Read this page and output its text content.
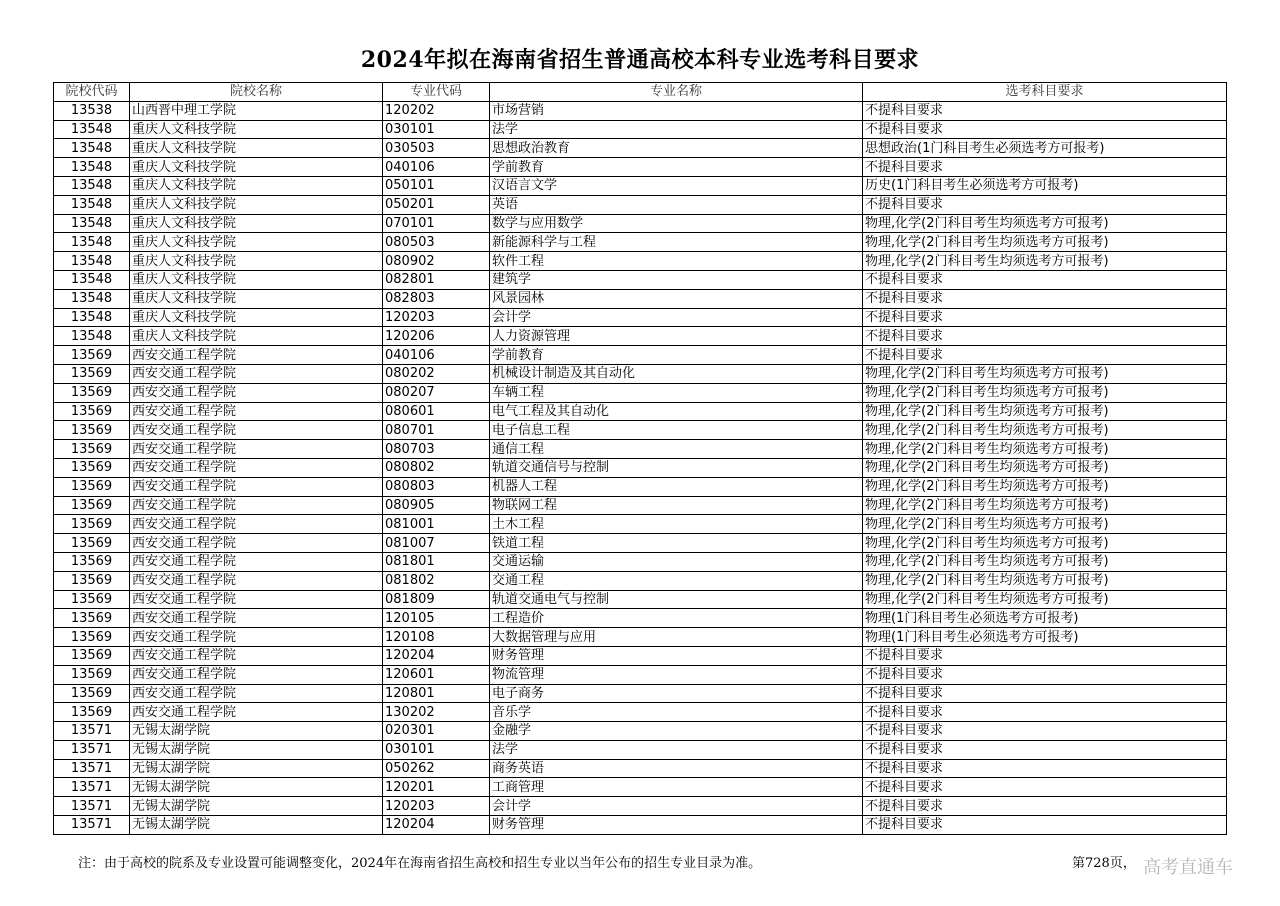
2024年拟在海南省招生普通高校本科专业选考科目要求
院校代码	院校名称	专业代码	专业名称	选考科目要求
13538	山西晋中理工学院	120202	市场营销	不提科目要求
13548	重庆人文科技学院	030101	法学	不提科目要求
13548	重庆人文科技学院	030503	思想政治教育	思想政治(1门科目考生必须选考方可报考)
13548	重庆人文科技学院	040106	学前教育	不提科目要求
13548	重庆人文科技学院	050101	汉语言文学	历史(1门科目考生必须选考方可报考)
13548	重庆人文科技学院	050201	英语	不提科目要求
13548	重庆人文科技学院	070101	数学与应用数学	物理,化学(2门科目考生均须选考方可报考)
13548	重庆人文科技学院	080503	新能源科学与工程	物理,化学(2门科目考生均须选考方可报考)
13548	重庆人文科技学院	080902	软件工程	物理,化学(2门科目考生均须选考方可报考)
13548	重庆人文科技学院	082801	建筑学	不提科目要求
13548	重庆人文科技学院	082803	风景园林	不提科目要求
13548	重庆人文科技学院	120203	会计学	不提科目要求
13548	重庆人文科技学院	120206	人力资源管理	不提科目要求
13569	西安交通工程学院	040106	学前教育	不提科目要求
13569	西安交通工程学院	080202	机械设计制造及其自动化	物理,化学(2门科目考生均须选考方可报考)
13569	西安交通工程学院	080207	车辆工程	物理,化学(2门科目考生均须选考方可报考)
13569	西安交通工程学院	080601	电气工程及其自动化	物理,化学(2门科目考生均须选考方可报考)
13569	西安交通工程学院	080701	电子信息工程	物理,化学(2门科目考生均须选考方可报考)
13569	西安交通工程学院	080703	通信工程	物理,化学(2门科目考生均须选考方可报考)
13569	西安交通工程学院	080802	轨道交通信号与控制	物理,化学(2门科目考生均须选考方可报考)
13569	西安交通工程学院	080803	机器人工程	物理,化学(2门科目考生均须选考方可报考)
13569	西安交通工程学院	080905	物联网工程	物理,化学(2门科目考生均须选考方可报考)
13569	西安交通工程学院	081001	土木工程	物理,化学(2门科目考生均须选考方可报考)
13569	西安交通工程学院	081007	铁道工程	物理,化学(2门科目考生均须选考方可报考)
13569	西安交通工程学院	081801	交通运输	物理,化学(2门科目考生均须选考方可报考)
13569	西安交通工程学院	081802	交通工程	物理,化学(2门科目考生均须选考方可报考)
13569	西安交通工程学院	081809	轨道交通电气与控制	物理,化学(2门科目考生均须选考方可报考)
13569	西安交通工程学院	120105	工程造价	物理(1门科目考生必须选考方可报考)
13569	西安交通工程学院	120108	大数据管理与应用	物理(1门科目考生必须选考方可报考)
13569	西安交通工程学院	120204	财务管理	不提科目要求
13569	西安交通工程学院	120601	物流管理	不提科目要求
13569	西安交通工程学院	120801	电子商务	不提科目要求
13569	西安交通工程学院	130202	音乐学	不提科目要求
13571	无锡太湖学院	020301	金融学	不提科目要求
13571	无锡太湖学院	030101	法学	不提科目要求
13571	无锡太湖学院	050262	商务英语	不提科目要求
13571	无锡太湖学院	120201	工商管理	不提科目要求
13571	无锡太湖学院	120203	会计学	不提科目要求
13571	无锡太湖学院	120204	财务管理	不提科目要求
注：由于高校的院系及专业设置可能调整变化，2024年在海南省招生高校和招生专业以当年公布的招生专业目录为准。	第728页， 高考直通车
